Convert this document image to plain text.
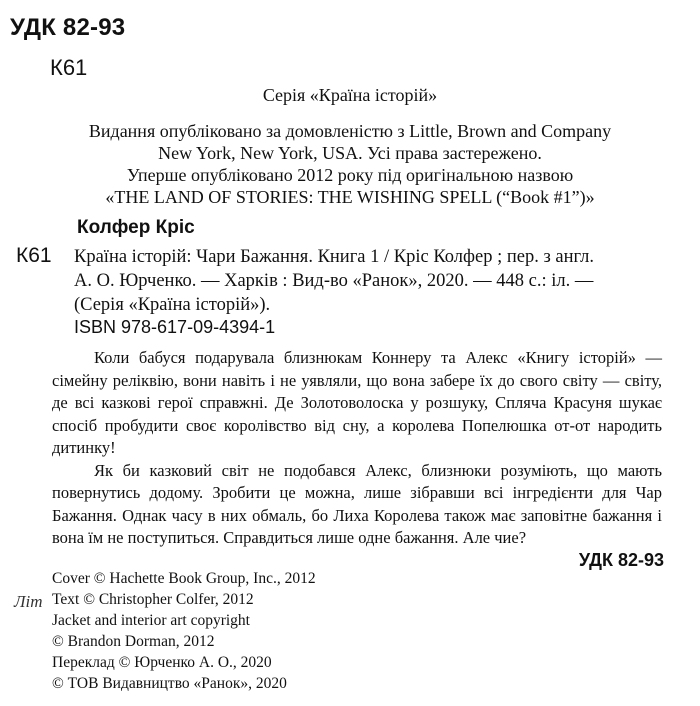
УДК 82-93
К61
Серія «Країна історій»
Видання опубліковано за домовленістю з Little, Brown and Company
New York, New York, USA. Усі права застережено.
Уперше опубліковано 2012 року під оригінальною назвою
«THE LAND OF STORIES: THE WISHING SPELL (“Book #1”)»
Колфер Кріс
К61 Країна історій: Чари Бажання. Книга 1 / Кріс Колфер ; пер. з англ.
А. О. Юрченко. — Харків : Вид-во «Ранок», 2020. — 448 с.: іл. —
(Серія «Країна історій»).
ISBN 978-617-09-4394-1

Коли бабуся подарувала близнюкам Коннеру та Алекс «Книгу історій» — сімейну реліквію, вони навіть і не уявляли, що вона забере їх до свого світу — світу, де всі казкові герої справжні. Де Золотоволоска у розшуку, Спляча Красуня шукає спосіб пробудити своє королівство від сну, а королева Попелюшка от-от народить дитинку!

Як би казковий світ не подобався Алекс, близнюки розуміють, що мають повернутись додому. Зробити це можна, лише зібравши всі інгредієнти для Чар Бажання. Однак часу в них обмаль, бо Лиха Королева також має заповітне бажання і вона їм не поступиться. Справдиться лише одне бажання. Але чие?

УДК 82-93
Літ
Cover © Hachette Book Group, Inc., 2012
Text © Christopher Colfer, 2012
Jacket and interior art copyright
© Brandon Dorman, 2012
Переклад © Юрченко А. О., 2020
© ТОВ Видавництво «Ранок», 2020
